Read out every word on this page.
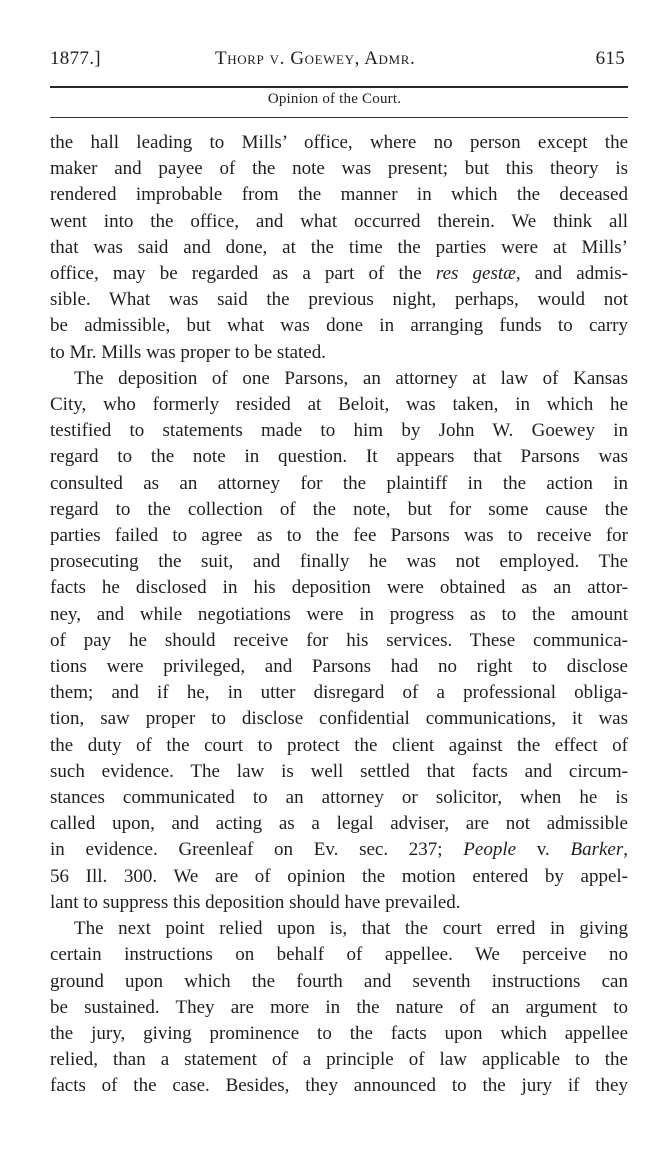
1877.]	Thorp v. Goewey, Admr.	615
Opinion of the Court.
the hall leading to Mills’ office, where no person except the
maker and payee of the note was present; but this theory is
rendered improbable from the manner in which the deceased
went into the office, and what occurred therein. We think all
that was said and done, at the time the parties were at Mills’
office, may be regarded as a part of the res gestæ, and admis-
sible. What was said the previous night, perhaps, would not
be admissible, but what was done in arranging funds to carry
to Mr. Mills was proper to be stated.
The deposition of one Parsons, an attorney at law of Kansas
City, who formerly resided at Beloit, was taken, in which he
testified to statements made to him by John W. Goewey in
regard to the note in question. It appears that Parsons was
consulted as an attorney for the plaintiff in the action in
regard to the collection of the note, but for some cause the
parties failed to agree as to the fee Parsons was to receive for
prosecuting the suit, and finally he was not employed. The
facts he disclosed in his deposition were obtained as an attor-
ney, and while negotiations were in progress as to the amount
of pay he should receive for his services. These communica-
tions were privileged, and Parsons had no right to disclose
them; and if he, in utter disregard of a professional obliga-
tion, saw proper to disclose confidential communications, it was
the duty of the court to protect the client against the effect of
such evidence. The law is well settled that facts and circum-
stances communicated to an attorney or solicitor, when he is
called upon, and acting as a legal adviser, are not admissible
in evidence. Greenleaf on Ev. sec. 237; People v. Barker,
56 Ill. 300. We are of opinion the motion entered by appel-
lant to suppress this deposition should have prevailed.
The next point relied upon is, that the court erred in giving
certain instructions on behalf of appellee. We perceive no
ground upon which the fourth and seventh instructions can
be sustained. They are more in the nature of an argument to
the jury, giving prominence to the facts upon which appellee
relied, than a statement of a principle of law applicable to the
facts of the case. Besides, they announced to the jury if they
